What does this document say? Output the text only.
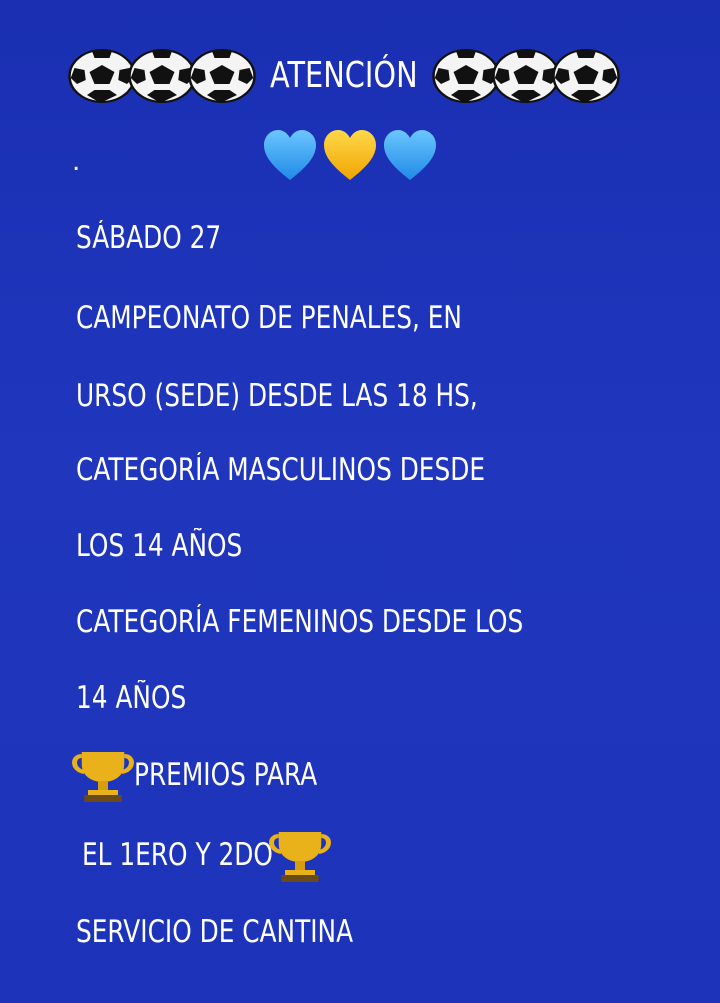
ATENCIÓN
.
SÁBADO 27
CAMPEONATO DE PENALES, EN
URSO (SEDE) DESDE LAS 18 HS,
CATEGORÍA MASCULINOS DESDE
LOS 14 AÑOS
CATEGORÍA FEMENINOS DESDE LOS
14 AÑOS
PREMIOS PARA
EL 1ERO Y 2DO
SERVICIO DE CANTINA
